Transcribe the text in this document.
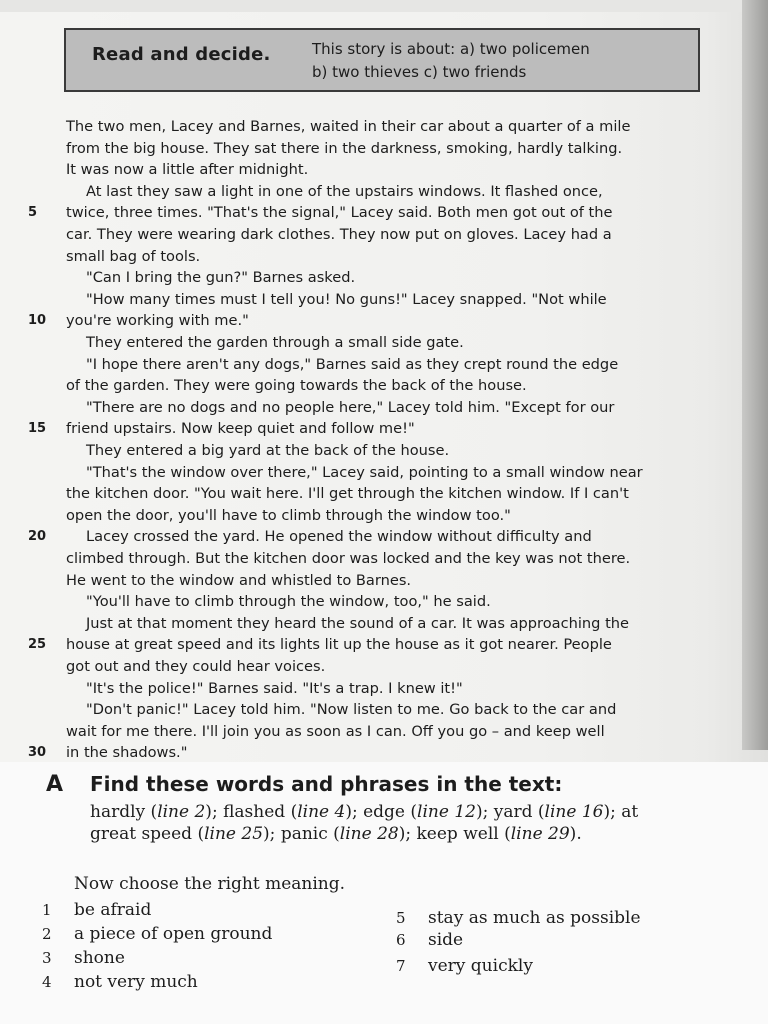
Read and decide.	This story is about: a) two policemen
b) two thieves c) two friends
The two men, Lacey and Barnes, waited in their car about a quarter of a mile
from the big house. They sat there in the darkness, smoking, hardly talking.
It was now a little after midnight.
At last they saw a light in one of the upstairs windows. It flashed once,
twice, three times. "That's the signal," Lacey said. Both men got out of the
car. They were wearing dark clothes. They now put on gloves. Lacey had a
small bag of tools.
"Can I bring the gun?" Barnes asked.
"How many times must I tell you! No guns!" Lacey snapped. "Not while
you're working with me."
They entered the garden through a small side gate.
"I hope there aren't any dogs," Barnes said as they crept round the edge
of the garden. They were going towards the back of the house.
"There are no dogs and no people here," Lacey told him. "Except for our
friend upstairs. Now keep quiet and follow me!"
They entered a big yard at the back of the house.
"That's the window over there," Lacey said, pointing to a small window near
the kitchen door. "You wait here. I'll get through the kitchen window. If I can't
open the door, you'll have to climb through the window too."
Lacey crossed the yard. He opened the window without difficulty and
climbed through. But the kitchen door was locked and the key was not there.
He went to the window and whistled to Barnes.
"You'll have to climb through the window, too," he said.
Just at that moment they heard the sound of a car. It was approaching the
house at great speed and its lights lit up the house as it got nearer. People
got out and they could hear voices.
"It's the police!" Barnes said. "It's a trap. I knew it!"
"Don't panic!" Lacey told him. "Now listen to me. Go back to the car and
wait for me there. I'll join you as soon as I can. Off you go – and keep well
in the shadows."
5
10
15
20
25
30
A Find these words and phrases in the text:
hardly (line 2); flashed (line 4); edge (line 12); yard (line 16); at
great speed (line 25); panic (line 28); keep well (line 29).
Now choose the right meaning.
1 be afraid
2 a piece of open ground
3 shone
4 not very much
5 stay as much as possible
6 side
7 very quickly
